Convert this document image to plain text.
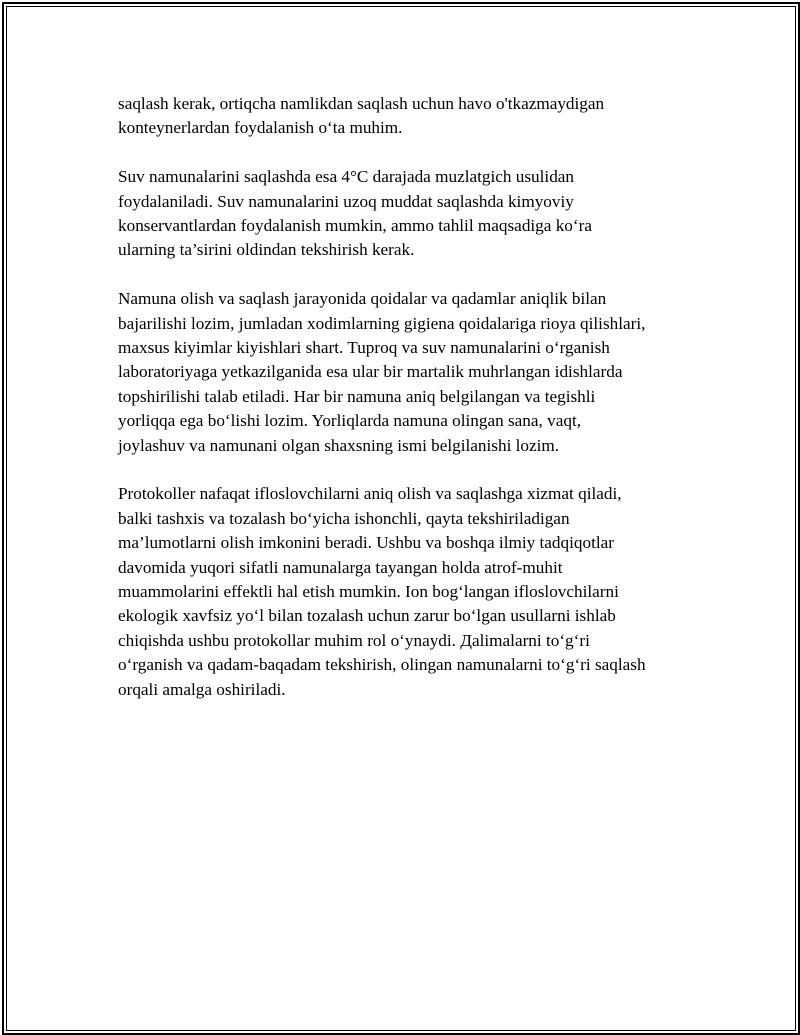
saqlash kerak, ortiqcha namlikdan saqlash uchun havo o'tkazmaydigan
konteynerlardan foydalanish o‘ta muhim.

Suv namunalarini saqlashda esa 4°C darajada muzlatgich usulidan
foydalaniladi. Suv namunalarini uzoq muddat saqlashda kimyoviy
konservantlardan foydalanish mumkin, ammo tahlil maqsadiga ko‘ra
ularning ta’sirini oldindan tekshirish kerak.

Namuna olish va saqlash jarayonida qoidalar va qadamlar aniqlik bilan
bajarilishi lozim, jumladan xodimlarning gigiena qoidalariga rioya qilishlari,
maxsus kiyimlar kiyishlari shart. Tuproq va suv namunalarini o‘rganish
laboratoriyaga yetkazilganida esa ular bir martalik muhrlangan idishlarda
topshirilishi talab etiladi. Har bir namuna aniq belgilangan va tegishli
yorliqqa ega bo‘lishi lozim. Yorliqlarda namuna olingan sana, vaqt,
joylashuv va namunani olgan shaxsning ismi belgilanishi lozim.

Protokoller nafaqat ifloslovchilarni aniq olish va saqlashga xizmat qiladi,
balki tashxis va tozalash bo‘yicha ishonchli, qayta tekshiriladigan
ma’lumotlarni olish imkonini beradi. Ushbu va boshqa ilmiy tadqiqotlar
davomida yuqori sifatli namunalarga tayangan holda atrof-muhit
muammolarini effektli hal etish mumkin. Ion bog‘langan ifloslovchilarni
ekologik xavfsiz yo‘l bilan tozalash uchun zarur bo‘lgan usullarni ishlab
chiqishda ushbu protokollar muhim rol o‘ynaydi. Дalimalarni to‘g‘ri
o‘rganish va qadam-baqadam tekshirish, olingan namunalarni to‘g‘ri saqlash
orqali amalga oshiriladi.
